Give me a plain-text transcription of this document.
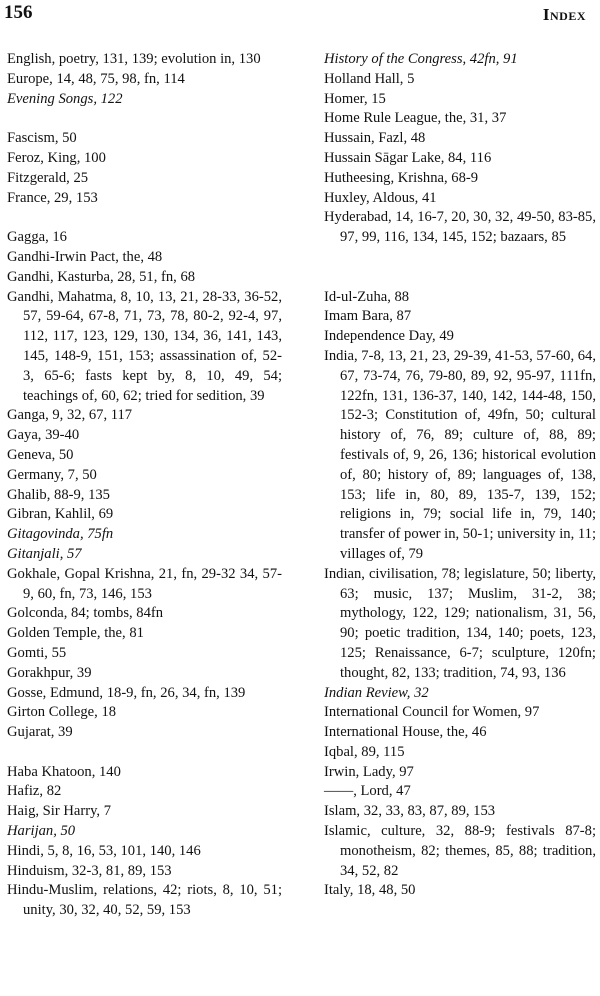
156	Index
English, poetry, 131, 139; evolution in, 130
Europe, 14, 48, 75, 98, fn, 114
Evening Songs, 122
Fascism, 50
Feroz, King, 100
Fitzgerald, 25
France, 29, 153
Gagga, 16
Gandhi-Irwin Pact, the, 48
Gandhi, Kasturba, 28, 51, fn, 68
Gandhi, Mahatma, 8, 10, 13, 21, 28-33, 36-52, 57, 59-64, 67-8, 71, 73, 78, 80-2, 92-4, 97, 112, 117, 123, 129, 130, 134, 36, 141, 143, 145, 148-9, 151, 153; assassination of, 52-3, 65-6; fasts kept by, 8, 10, 49, 54; teachings of, 60, 62; tried for sedition, 39
Ganga, 9, 32, 67, 117
Gaya, 39-40
Geneva, 50
Germany, 7, 50
Ghalib, 88-9, 135
Gibran, Kahlil, 69
Gitagovinda, 75fn
Gitanjali, 57
Gokhale, Gopal Krishna, 21, fn, 29-32 34, 57-9, 60, fn, 73, 146, 153
Golconda, 84; tombs, 84fn
Golden Temple, the, 81
Gomti, 55
Gorakhpur, 39
Gosse, Edmund, 18-9, fn, 26, 34, fn, 139
Girton College, 18
Gujarat, 39
Haba Khatoon, 140
Hafiz, 82
Haig, Sir Harry, 7
Harijan, 50
Hindi, 5, 8, 16, 53, 101, 140, 146
Hinduism, 32-3, 81, 89, 153
Hindu-Muslim, relations, 42; riots, 8, 10, 51; unity, 30, 32, 40, 52, 59, 153
History of the Congress, 42fn, 91
Holland Hall, 5
Homer, 15
Home Rule League, the, 31, 37
Hussain, Fazl, 48
Hussain Sāgar Lake, 84, 116
Hutheesing, Krishna, 68-9
Huxley, Aldous, 41
Hyderabad, 14, 16-7, 20, 30, 32, 49-50, 83-85, 97, 99, 116, 134, 145, 152; bazaars, 85
Id-ul-Zuha, 88
Imam Bara, 87
Independence Day, 49
India, 7-8, 13, 21, 23, 29-39, 41-53, 57-60, 64, 67, 73-74, 76, 79-80, 89, 92, 95-97, 111fn, 122fn, 131, 136-37, 140, 142, 144-48, 150, 152-3; Constitution of, 49fn, 50; cultural history of, 76, 89; culture of, 88, 89; festivals of, 9, 26, 136; historical evolution of, 80; history of, 89; languages of, 138, 153; life in, 80, 89, 135-7, 139, 152; religions in, 79; social life in, 79, 140; transfer of power in, 50-1; university in, 11; villages of, 79
Indian, civilisation, 78; legislature, 50; liberty, 63; music, 137; Muslim, 31-2, 38; mythology, 122, 129; nationalism, 31, 56, 90; poetic tradition, 134, 140; poets, 123, 125; Renaissance, 6-7; sculpture, 120fn; thought, 82, 133; tradition, 74, 93, 136
Indian Review, 32
International Council for Women, 97
International House, the, 46
Iqbal, 89, 115
Irwin, Lady, 97
——, Lord, 47
Islam, 32, 33, 83, 87, 89, 153
Islamic, culture, 32, 88-9; festivals 87-8; monotheism, 82; themes, 85, 88; tradition, 34, 52, 82
Italy, 18, 48, 50
